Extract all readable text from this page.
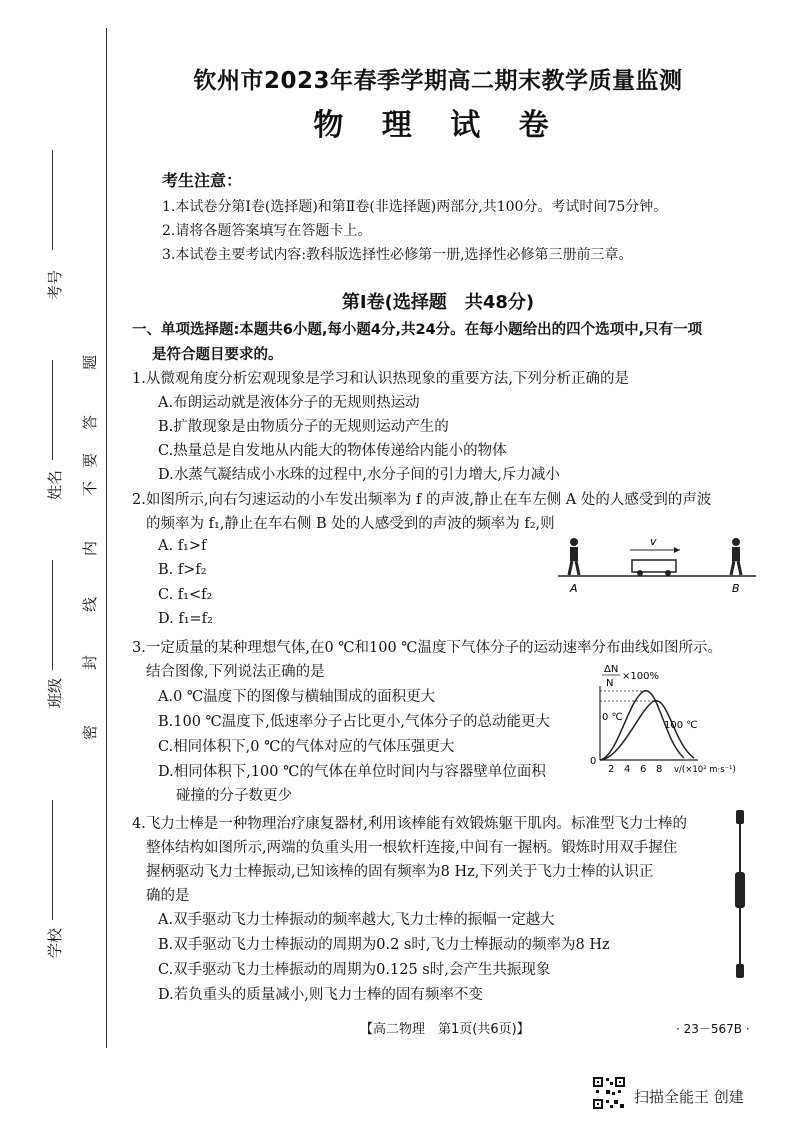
考号
姓名
班级
学校
密
封
线
内
不
要
答
题
钦州市2023年春季学期高二期末教学质量监测
物 理 试 卷
考生注意：
1.本试卷分第Ⅰ卷(选择题)和第Ⅱ卷(非选择题)两部分,共100分。考试时间75分钟。
2.请将各题答案填写在答题卡上。
3.本试卷主要考试内容:教科版选择性必修第一册,选择性必修第三册前三章。
第Ⅰ卷(选择题　共48分)
一、单项选择题:本题共6小题,每小题4分,共24分。在每小题给出的四个选项中,只有一项
是符合题目要求的。
1.从微观角度分析宏观现象是学习和认识热现象的重要方法,下列分析正确的是
A.布朗运动就是液体分子的无规则热运动
B.扩散现象是由物质分子的无规则运动产生的
C.热量总是自发地从内能大的物体传递给内能小的物体
D.水蒸气凝结成小水珠的过程中,水分子间的引力增大,斥力减小
2.如图所示,向右匀速运动的小车发出频率为 f 的声波,静止在车左侧 A 处的人感受到的声波
的频率为 f₁,静止在车右侧 B 处的人感受到的声波的频率为 f₂,则
A. f₁>f
B. f>f₂
C. f₁<f₂
D. f₁=f₂
v
A	B
3.一定质量的某种理想气体,在0 ℃和100 ℃温度下气体分子的运动速率分布曲线如图所示。
结合图像,下列说法正确的是
A.0 ℃温度下的图像与横轴围成的面积更大
B.100 ℃温度下,低速率分子占比更小,气体分子的总动能更大
C.相同体积下,0 ℃的气体对应的气体压强更大
D.相同体积下,100 ℃的气体在单位时间内与容器壁单位面积
碰撞的分子数更少
ΔN
N
×100%
0 ℃
100 ℃
0
2 4 6 8 v/(×10² m·s⁻¹)
4.飞力士棒是一种物理治疗康复器材,利用该棒能有效锻炼躯干肌肉。标准型飞力士棒的
整体结构如图所示,两端的负重头用一根软杆连接,中间有一握柄。锻炼时用双手握住
握柄驱动飞力士棒振动,已知该棒的固有频率为8 Hz,下列关于飞力士棒的认识正
确的是
A.双手驱动飞力士棒振动的频率越大,飞力士棒的振幅一定越大
B.双手驱动飞力士棒振动的周期为0.2 s时,飞力士棒振动的频率为8 Hz
C.双手驱动飞力士棒振动的周期为0.125 s时,会产生共振现象
D.若负重头的质量减小,则飞力士棒的固有频率不变
【高二物理　第1页(共6页)】	· 23－567B ·
扫描全能王 创建
